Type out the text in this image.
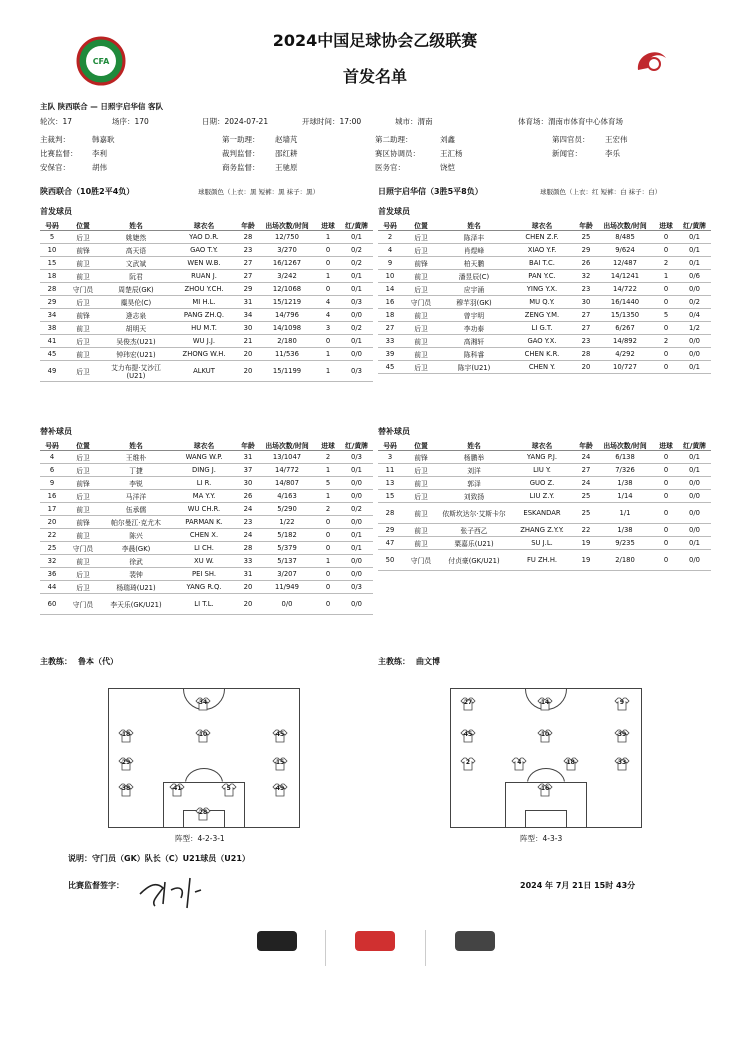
CFA
2024中国足球协会乙级联赛
首发名单
主队 陕西联合 — 日照宇启华信 客队
轮次：17	场序：170	日期：2024-07-21	开球时间：17:00	城市：渭南	体育场：渭南市体育中心体育场
主裁判：	韩嘉耿	第一助理： 赵墙芃	第二助理：	刘鑫	第四官员： 王宏伟
比赛监督： 李利	裁判监督： 邵红耕	赛区协调员：	王汇杨	新闻官：	李乐
安保官：	胡伟	商务监督： 王驰原	医务官：	饶恺
陕西联合（10胜2平4负）	球服颜色（上衣：黑 短裤：黑 袜子：黑）	日照宇启华信（3胜5平8负）	球服颜色（上衣：红 短裤：白 袜子：白）
首发球员	首发球员
替补球员	替补球员
号码	位置	姓名	球衣名	年龄	出场次数/时间	进球	红/黄牌
5	后卫	姚婕然	YAO D.R.	28	12/750	1	0/1
10	前锋	高天语	GAO T.Y.	23	3/270	0	0/2
15	前卫	文武斌	WEN W.B.	27	16/1267	0	0/2
18	前卫	阮君	RUAN J.	27	3/242	1	0/1
28	守门员	周楚辰(GK)	ZHOU Y.CH.	29	12/1068	0	0/1
29	后卫	麋昊伦(C)	MI H.L.	31	15/1219	4	0/3
34	前锋	逄志泉	PANG ZH.Q.	34	14/796	4	0/0
38	前卫	胡明天	HU M.T.	30	14/1098	3	0/2
41	后卫	吴俊杰(U21)	WU J.J.	21	2/180	0	0/1
45	前卫	钟玮宏(U21)	ZHONG W.H.	20	11/536	1	0/0
49	后卫	艾力布提·艾沙江(U21)	ALKUT	20	15/1199	1	0/3
号码	位置	姓名	球衣名	年龄	出场次数/时间	进球	红/黄牌
2	后卫	陈泽丰	CHEN Z.F.	25	8/485	0	0/1
4	后卫	肖煜峰	XIAO Y.F.	29	9/624	0	0/1
9	前锋	柏天鹏	BAI T.C.	26	12/487	2	0/1
10	前卫	潘昱辰(C)	PAN Y.C.	32	14/1241	1	0/6
14	后卫	应宇涌	YING Y.X.	23	14/722	0	0/0
16	守门员	穆芊羽(GK)	MU Q.Y.	30	16/1440	0	0/2
18	前卫	曾宇明	ZENG Y.M.	27	15/1350	5	0/4
27	后卫	李功泰	LI G.T.	27	6/267	0	1/2
33	前卫	高湘轩	GAO Y.X.	23	14/892	2	0/0
39	前卫	陈科睿	CHEN K.R.	28	4/292	0	0/0
45	后卫	陈宇(U21)	CHEN Y.	20	10/727	0	0/1
号码	位置	姓名	球衣名	年龄	出场次数/时间	进球	红/黄牌
4	后卫	王维朴	WANG W.P.	31	13/1047	2	0/3
6	后卫	丁捷	DING J.	37	14/772	1	0/1
9	前锋	李锐	LI R.	30	14/807	5	0/0
16	后卫	马洋洋	MA Y.Y.	26	4/163	1	0/0
17	前卫	伍承儒	WU CH.R.	24	5/290	2	0/2
20	前锋	帕尔曼江·克尤木	PARMAN K.	23	1/22	0	0/0
22	前卫	陈兴	CHEN X.	24	5/182	0	0/1
25	守门员	李晨(GK)	LI CH.	28	5/379	0	0/1
32	前卫	徐武	XU W.	33	5/137	1	0/0
36	后卫	裴钟	PEI SH.	31	3/207	0	0/0
44	后卫	杨瑞琦(U21)	YANG R.Q.	20	11/949	0	0/3
60	守门员	李天乐(GK/U21)	LI T.L.	20	0/0	0	0/0
号码	位置	姓名	球衣名	年龄	出场次数/时间	进球	红/黄牌
3	前锋	杨鹏举	YANG P.J.	24	6/138	0	0/1
11	后卫	刘洋	LIU Y.	27	7/326	0	0/1
13	前卫	郭泽	GUO Z.	24	1/38	0	0/0
15	后卫	刘致扬	LIU Z.Y.	25	1/14	0	0/0
28	前卫	依斯坎达尔·艾斯卡尔	ESKANDAR	25	1/1	0	0/0
29	前卫	张子西乙	ZHANG Z.Y.Y.	22	1/38	0	0/0
47	前卫	粟嘉乐(U21)	SU J.L.	19	9/235	0	0/1
50	守门员	付贞豪(GK/U21)	FU ZH.H.	19	2/180	0	0/0
主教练： 鲁本（代）	主教练： 曲文博
34
18	10	45
29	15
38	41	5	49
28
27	14	9
45	10	39
2	4	18	33
16
阵型：4-2-3-1	阵型：4-3-3
说明：守门员（GK）队长（C）U21球员（U21）
比赛监督签字：	2024 年 7月 21日 15时 43分
